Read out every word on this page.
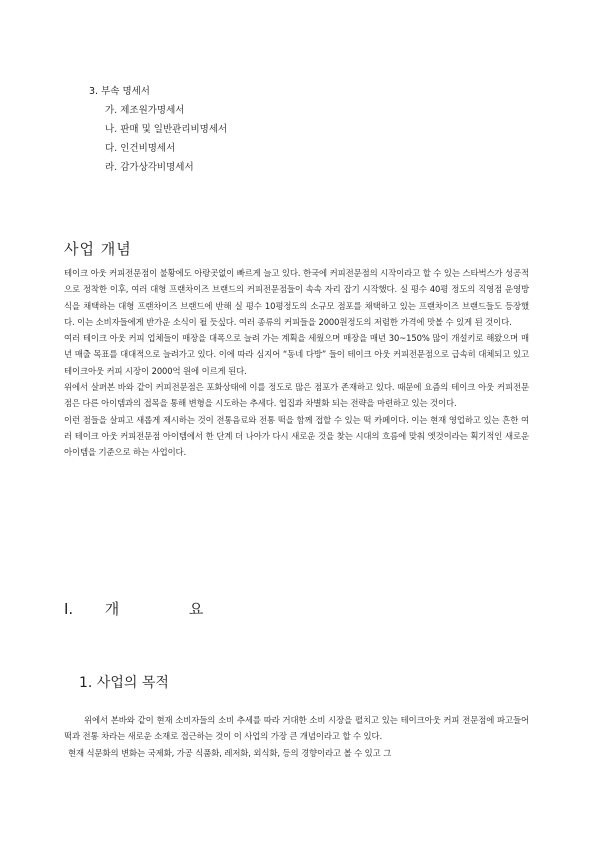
3. 부속 명세서
가. 제조원가명세서
나. 판매 및 일반관리비명세서
다. 인건비명세서
라. 감가상각비명세서
사업 개념

테이크 아웃 커피전문점이 불황에도 아랑곳없이 빠르게 늘고 있다. 한국에 커피전문점의 시작이라고 할 수 있는 스타벅스가 성공적으로 정착한 이후, 여러 대형 프랜차이즈 브랜드의 커피전문점들이 속속 자리 잡기 시작했다. 실 평수 40평 정도의 직영점 운영방식을 채택하는 대형 프랜차이즈 브랜드에 반해 실 평수 10평정도의 소규모 점포를 채택하고 있는 프랜차이즈 브랜드들도 등장했다. 이는 소비자들에게 반가운 소식이 될 듯싶다. 여러 종류의 커피들을 2000원정도의 저렴한 가격에 맛볼 수 있게 된 것이다.

여러 테이크 아웃 커피 업체들이 매장을 대폭으로 늘려 가는 계획을 세웠으며 매장을 매년 30~150% 많이 개설키로 해왔으며 매년 매출 목표를 대대적으로 늘려가고 있다. 이에 따라 심지어 “동네 다방” 들이 테이크 아웃 커피전문점으로 급속히 대체되고 있고 테이크아웃 커피 시장이 2000억 원에 이르게 된다.

위에서 살펴본 바와 같이 커피전문점은 포화상태에 이를 정도로 많은 점포가 존재하고 있다. 때문에 요즘의 테이크 아웃 커피전문점은 다른 아이템과의 접목을 통해 변형을 시도하는 추세다. 엽집과 차별화 되는 전략을 마련하고 있는 것이다.

이런 점들을 살피고 새롭게 제시하는 것이 전통음료와 전통 떡을 함께 접할 수 있는 떡 카페이다. 이는 현재 영업하고 있는 흔한 여러 테이크 아웃 커피전문점 아이템에서 한 단계 더 나아가 다시 새로운 것을 찾는 시대의 흐름에 맞춰 엣것이라는 획기적인 새로운 아이템을 기준으로 하는 사업이다.

Ⅰ. 개	요
1. 사업의 목적

위에서 본바와 같이 현재 소비자들의 소비 추세를 따라 거대한 소비 시장을 펼치고 있는 테이크아웃 커피 전문점에 파고들어 떡과 전통 차라는 새로운 소재로 접근하는 것이 이 사업의 가장 큰 개념이라고 할 수 있다.

현재 식문화의 변화는 국제화, 가공 식품화, 레저화, 외식화, 등의 경향이라고 볼 수 있고 그
